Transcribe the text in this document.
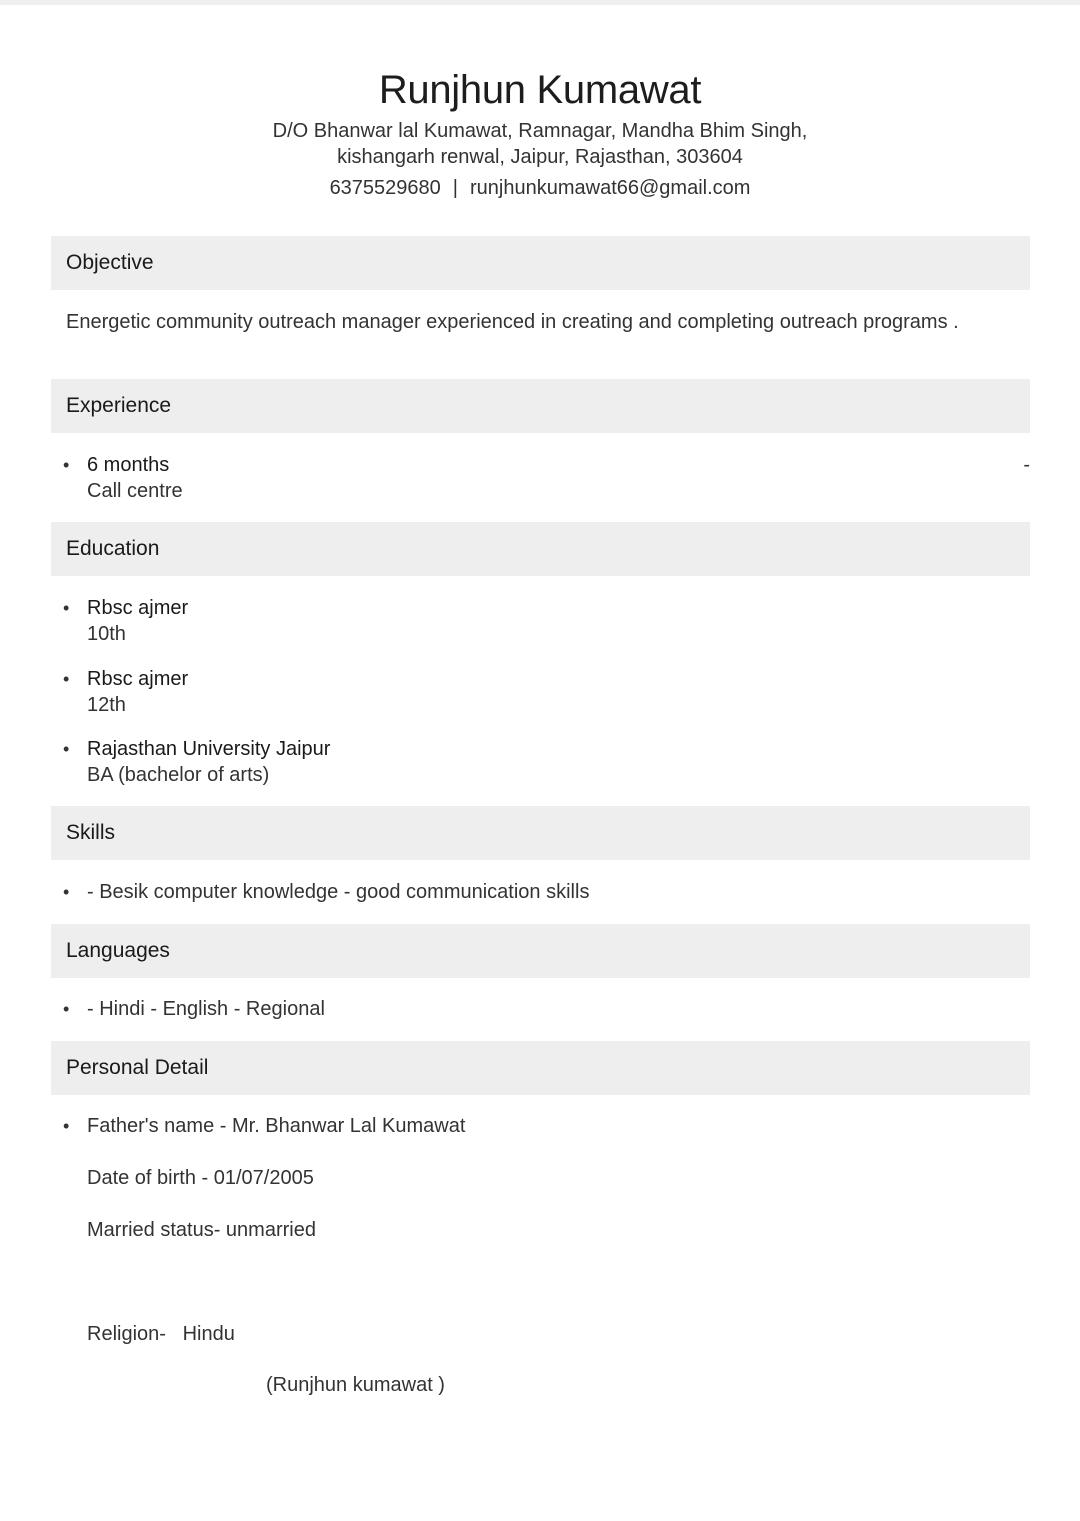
Runjhun Kumawat
D/O Bhanwar lal Kumawat, Ramnagar, Mandha Bhim Singh,
kishangarh renwal, Jaipur, Rajasthan, 303604
6375529680 | runjhunkumawat66@gmail.com
Objective
Energetic community outreach manager experienced in creating and completing outreach programs .
Experience
• 6 months
Call centre
-
Education
• Rbsc ajmer
10th
• Rbsc ajmer
12th
• Rajasthan University Jaipur
BA (bachelor of arts)
Skills
• - Besik computer knowledge - good communication skills
Languages
• - Hindi - English - Regional
Personal Detail
• Father's name - Mr. Bhanwar Lal Kumawat
Date of birth - 01/07/2005
Married status- unmarried

Religion-   Hindu

(Runjhun kumawat )
